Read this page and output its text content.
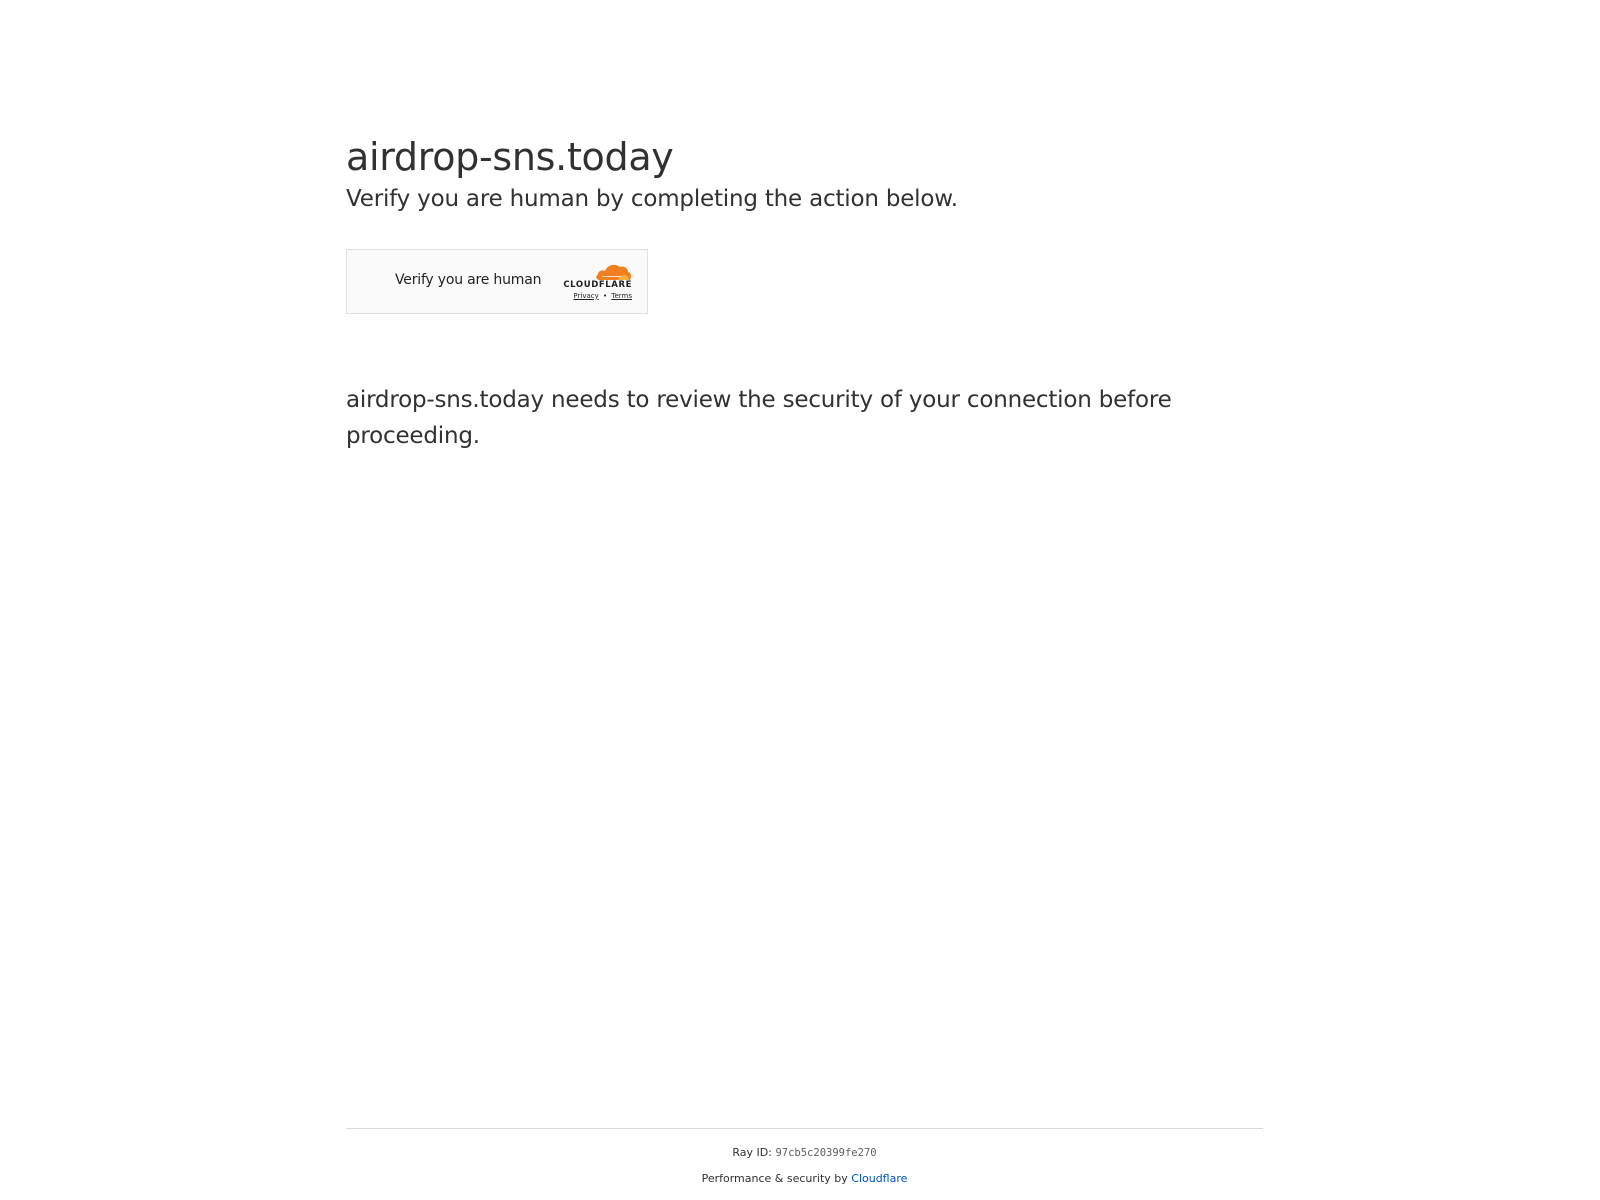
airdrop-sns.today
Verify you are human by completing the action below.
Verify you are human	CLOUDFLARE
Privacy • Terms

airdrop-sns.today needs to review the security of your connection before proceeding.

Ray ID: 97cb5c20399fe270
Performance & security by Cloudflare
